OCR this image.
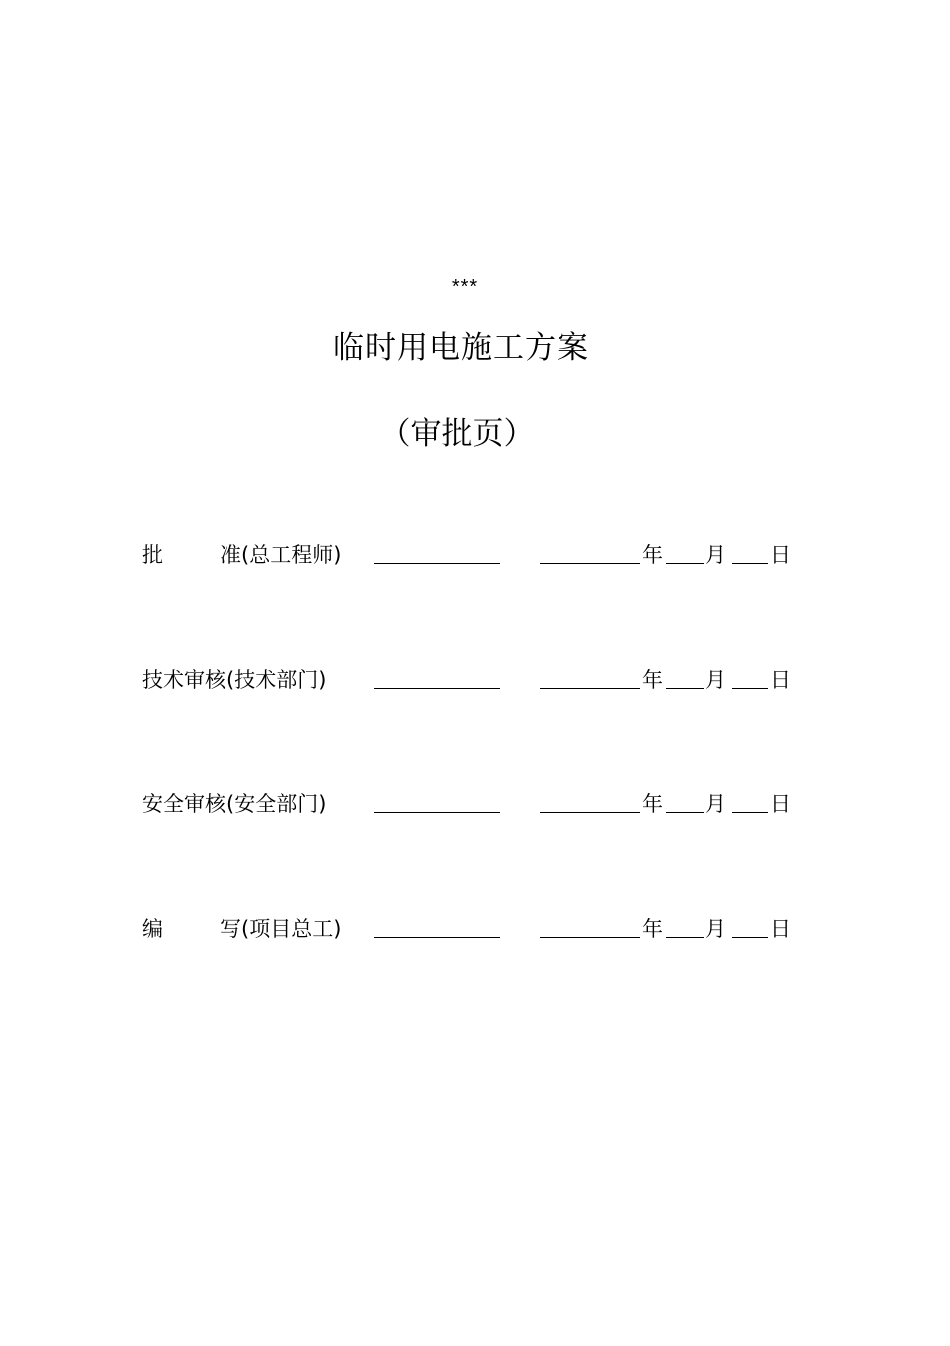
***
临时用电施工方案
（审批页）
批	准(总工程师)	年 月 日
技术审核(技术部门)	年 月 日
安全审核(安全部门)	年 月 日
编	写(项目总工)	年 月 日
